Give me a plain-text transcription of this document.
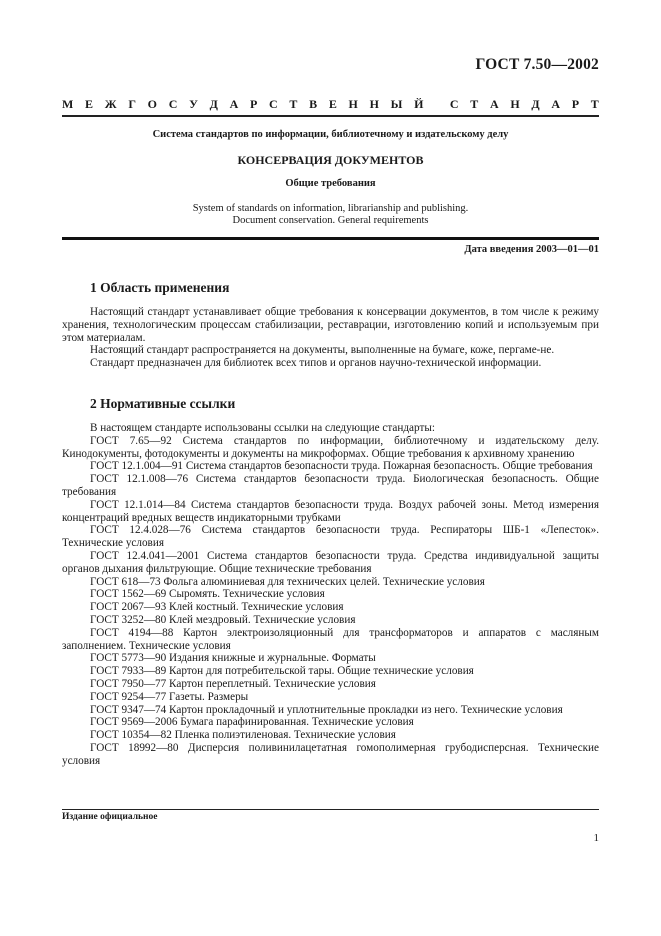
ГОСТ 7.50—2002
М Е Ж Г О С У Д А Р С Т В Е Н Н Ы Й
С Т А Н Д А Р Т
Система стандартов по информации, библиотечному и издательскому делу
КОНСЕРВАЦИЯ ДОКУМЕНТОВ
Общие требования
System of standards on information, librarianship and publishing.
Document conservation. General requirements
Дата введения 2003—01—01
1 Область применения

Настоящий стандарт устанавливает общие требования к консервации документов, в том числе к режиму хранения, технологическим процессам стабилизации, реставрации, изготовлению копий и используемым при этом материалам.

Настоящий стандарт распространяется на документы, выполненные на бумаге, коже, пергаме-не.

Стандарт предназначен для библиотек всех типов и органов научно-технической информации.

2 Нормативные ссылки

В настоящем стандарте использованы ссылки на следующие стандарты:

ГОСТ 7.65—92 Система стандартов по информации, библиотечному и издательскому делу. Кинодокументы, фотодокументы и документы на микроформах. Общие требования к архивному хранению

ГОСТ 12.1.004—91 Система стандартов безопасности труда. Пожарная безопасность. Общие требования

ГОСТ 12.1.008—76 Система стандартов безопасности труда. Биологическая безопасность. Общие требования

ГОСТ 12.1.014—84 Система стандартов безопасности труда. Воздух рабочей зоны. Метод измерения концентраций вредных веществ индикаторными трубками

ГОСТ 12.4.028—76 Система стандартов безопасности труда. Респираторы ШБ-1 «Лепесток». Технические условия

ГОСТ 12.4.041—2001 Система стандартов безопасности труда. Средства индивидуальной защиты органов дыхания фильтрующие. Общие технические требования

ГОСТ 618—73 Фольга алюминиевая для технических целей. Технические условия

ГОСТ 1562—69 Сыромять. Технические условия

ГОСТ 2067—93 Клей костный. Технические условия

ГОСТ 3252—80 Клей мездровый. Технические условия

ГОСТ 4194—88 Картон электроизоляционный для трансформаторов и аппаратов с масляным заполнением. Технические условия

ГОСТ 5773—90 Издания книжные и журнальные. Форматы

ГОСТ 7933—89 Картон для потребительской тары. Общие технические условия

ГОСТ 7950—77 Картон переплетный. Технические условия

ГОСТ 9254—77 Газеты. Размеры

ГОСТ 9347—74 Картон прокладочный и уплотнительные прокладки из него. Технические условия

ГОСТ 9569—2006 Бумага парафинированная. Технические условия

ГОСТ 10354—82 Пленка полиэтиленовая. Технические условия

ГОСТ 18992—80 Дисперсия поливинилацетатная гомополимерная грубодисперсная. Технические условия

Издание официальное
1
